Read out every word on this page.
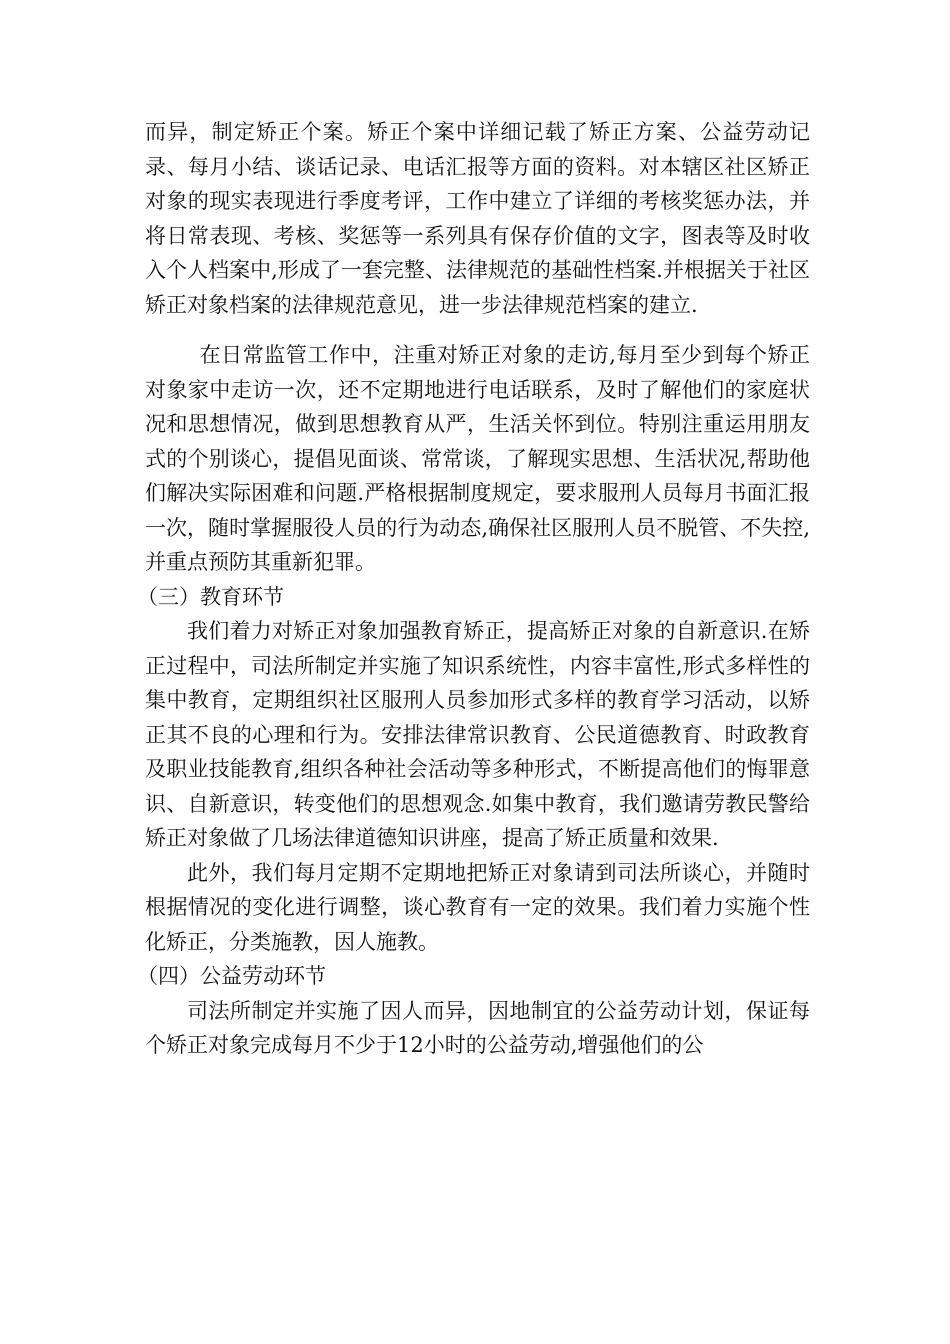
而异，制定矫正个案。矫正个案中详细记载了矫正方案、公益劳动记录、每月小结、谈话记录、电话汇报等方面的资料。对本辖区社区矫正对象的现实表现进行季度考评，工作中建立了详细的考核奖惩办法，并将日常表现、考核、奖惩等一系列具有保存价值的文字，图表等及时收入个人档案中,形成了一套完整、法律规范的基础性档案.并根据关于社区矫正对象档案的法律规范意见，进一步法律规范档案的建立.

在日常监管工作中，注重对矫正对象的走访,每月至少到每个矫正对象家中走访一次，还不定期地进行电话联系，及时了解他们的家庭状况和思想情况，做到思想教育从严，生活关怀到位。特别注重运用朋友式的个别谈心，提倡见面谈、常常谈，了解现实思想、生活状况,帮助他们解决实际困难和问题.严格根据制度规定，要求服刑人员每月书面汇报一次，随时掌握服役人员的行为动态,确保社区服刑人员不脱管、不失控,并重点预防其重新犯罪。

（三）教育环节

我们着力对矫正对象加强教育矫正，提高矫正对象的自新意识.在矫正过程中，司法所制定并实施了知识系统性，内容丰富性,形式多样性的集中教育，定期组织社区服刑人员参加形式多样的教育学习活动，以矫正其不良的心理和行为。安排法律常识教育、公民道德教育、时政教育及职业技能教育,组织各种社会活动等多种形式，不断提高他们的悔罪意识、自新意识，转变他们的思想观念.如集中教育，我们邀请劳教民警给矫正对象做了几场法律道德知识讲座，提高了矫正质量和效果.

此外，我们每月定期不定期地把矫正对象请到司法所谈心，并随时根据情况的变化进行调整，谈心教育有一定的效果。我们着力实施个性化矫正，分类施教，因人施教。

（四）公益劳动环节

司法所制定并实施了因人而异，因地制宜的公益劳动计划，保证每个矫正对象完成每月不少于12小时的公益劳动,增强他们的公
